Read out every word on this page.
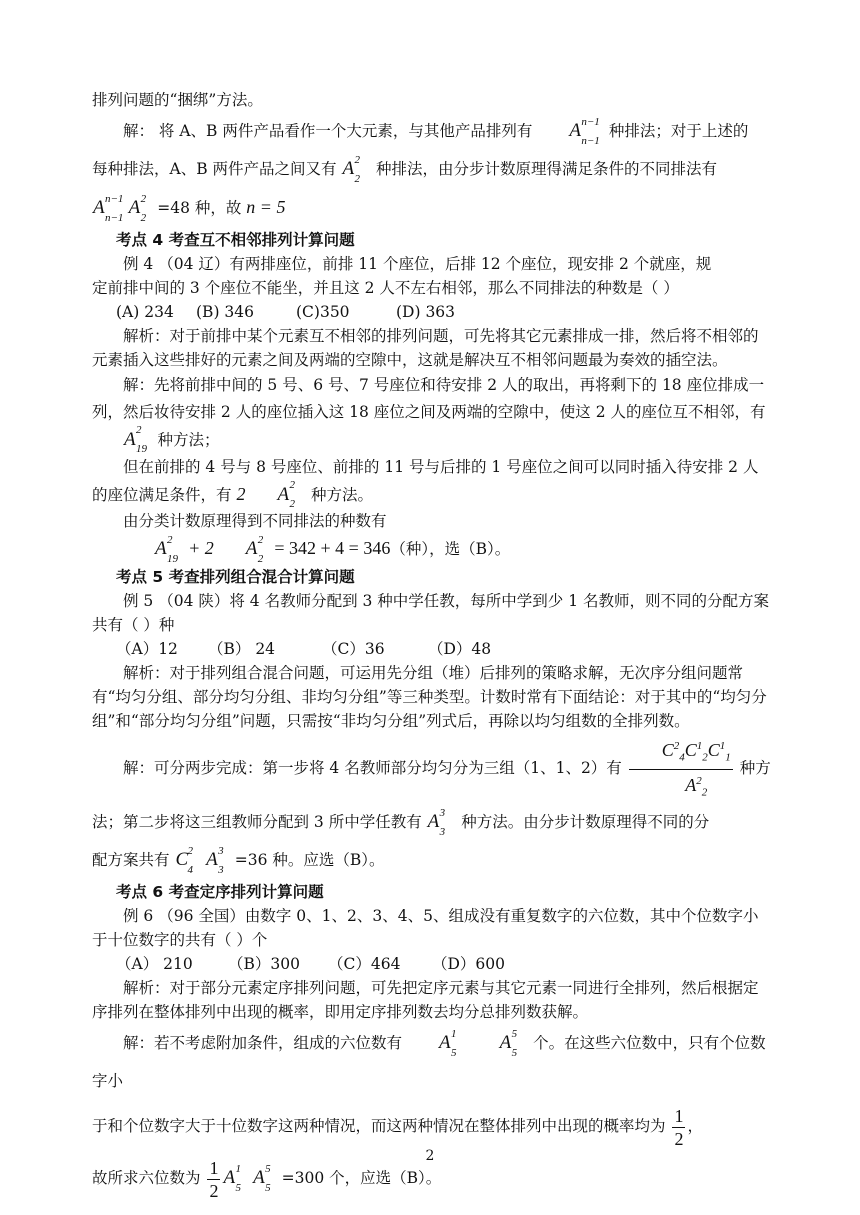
排列问题的“捆绑”方法。

解： 将 A、B 两件产品看作一个大元素，与其他产品排列有 A n−1
n−1
种排法；对于上述的

每种排法，A、B 两件产品之间又有 A 2
2
种排法，由分步计数原理得满足条件的不同排法有

A n−1
n−1 A 2
2
=48 种，故 n = 5

考点 4 考查互不相邻排列计算问题

例 4 （04 辽）有两排座位，前排 11 个座位，后排 12 个座位，现安排 2 个就座，规

定前排中间的 3 个座位不能坐，并且这 2 人不左右相邻，那么不同排法的种数是（ ）

(A) 234 (B) 346	(C)350	(D) 363

解析：对于前排中某个元素互不相邻的排列问题，可先将其它元素排成一排，然后将不相邻的元素插入这些排好的元素之间及两端的空隙中，这就是解决互不相邻问题最为奏效的插空法。

解：先将前排中间的 5 号、6 号、7 号座位和待安排 2 人的取出，再将剩下的 18 座位排成一列，然后妆待安排 2 人的座位插入这 18 座位之间及两端的空隙中，使这 2 人的座位互不相邻，有 A 2
19 种方法；

但在前排的 4 号与 8 号座位、前排的 11 号与后排的 1 号座位之间可以同时插入待安排 2 人的座位满足条件，有 2 A 2
2 种方法。

由分类计数原理得到不同排法的种数有

A 2
19
+ 2 A 2
2
= 342 + 4 = 346（种），选（B）。

考点 5 考查排列组合混合计算问题

例 5 （04 陕）将 4 名教师分配到 3 种中学任教，每所中学到少 1 名教师，则不同的分配方案共有（ ）种

（A）12 （B） 24	（C）36	（D）48

解析：对于排列组合混合问题，可运用先分组（堆）后排列的策略求解，无次序分组问题常有“均匀分组、部分均匀分组、非均匀分组”等三种类型。计数时常有下面结论：对于其中的“均匀分组”和“部分均匀分组”问题，只需按“非均匀分组”列式后，再除以均匀组数的全排列数。

解：可分两步完成：第一步将 4 名教师部分均匀分为三组（1、1、2）有 $\frac{C^2_4C^1_2C^1_1}{A^2_2}$ 种方

法；第二步将这三组教师分配到 3 所中学任教有 A 3
3
种方法。由分步计数原理得不同的分

配方案共有 C 2
4 A 3
3
=36 种。应选（B）。

考点 6 考查定序排列计算问题

例 6 （96 全国）由数字 0、1、2、3、4、5、组成没有重复数字的六位数，其中个位数字小于十位数字的共有（ ）个

（A） 210 （B）300 （C）464 （D）600

解析：对于部分元素定序排列问题，可先把定序元素与其它元素一同进行全排列，然后根据定序排列在整体排列中出现的概率，即用定序排列数去均分总排列数获解。

解：若不考虑附加条件，组成的六位数有 A 1
5 A 5
5
个。在这些六位数中，只有个位数字小

于和个位数字大于十位数字这两种情况，而这两种情况在整体排列中出现的概率均为 $\frac{1}{2}$ ，

故所求六位数为 $\frac{1}{2}$ A 1
5 A 5
5
=300 个，应选（B）。

2
